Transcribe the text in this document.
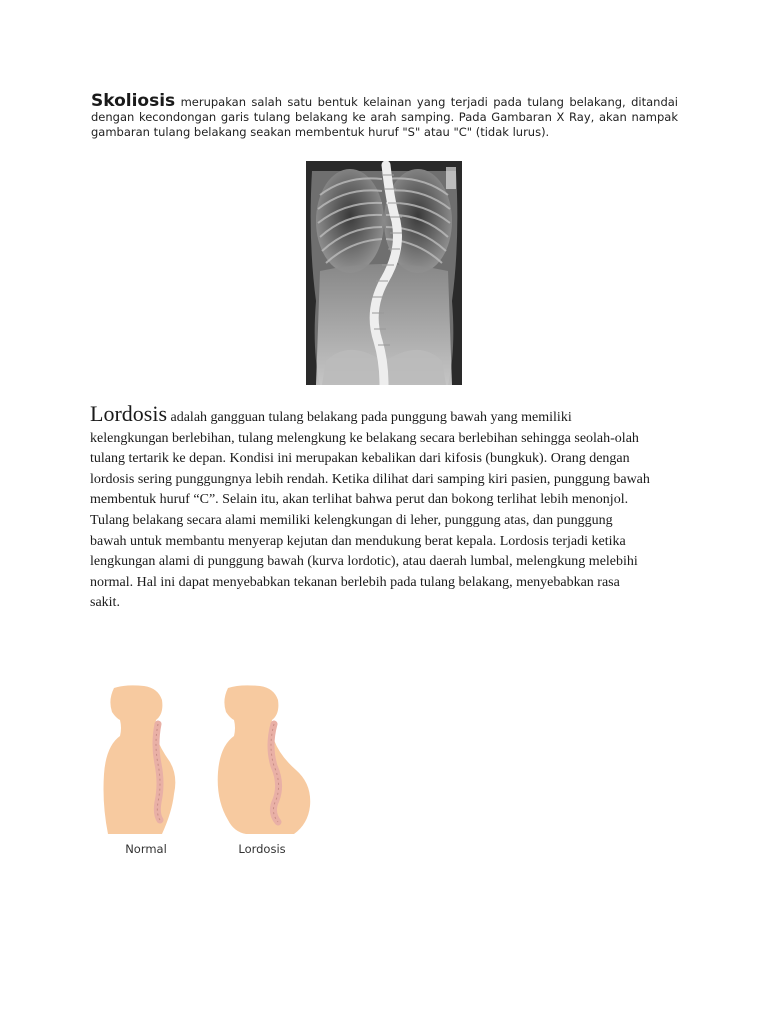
Skoliosis merupakan salah satu bentuk kelainan yang terjadi pada tulang belakang, ditandai dengan kecondongan garis tulang belakang ke arah samping. Pada Gambaran X Ray, akan nampak gambaran tulang belakang seakan membentuk huruf "S" atau "C" (tidak lurus).

Lordosis adalah gangguan tulang belakang pada punggung bawah yang memiliki kelengkungan berlebihan, tulang melengkung ke belakang secara berlebihan sehingga seolah-olah tulang tertarik ke depan. Kondisi ini merupakan kebalikan dari kifosis (bungkuk). Orang dengan lordosis sering punggungnya lebih rendah. Ketika dilihat dari samping kiri pasien, punggung bawah membentuk huruf “C”. Selain itu, akan terlihat bahwa perut dan bokong terlihat lebih menonjol.

Tulang belakang secara alami memiliki kelengkungan di leher, punggung atas, dan punggung bawah untuk membantu menyerap kejutan dan mendukung berat kepala. Lordosis terjadi ketika lengkungan alami di punggung bawah (kurva lordotic), atau daerah lumbal, melengkung melebihi normal. Hal ini dapat menyebabkan tekanan berlebih pada tulang belakang, menyebabkan rasa sakit.

Normal	Lordosis
